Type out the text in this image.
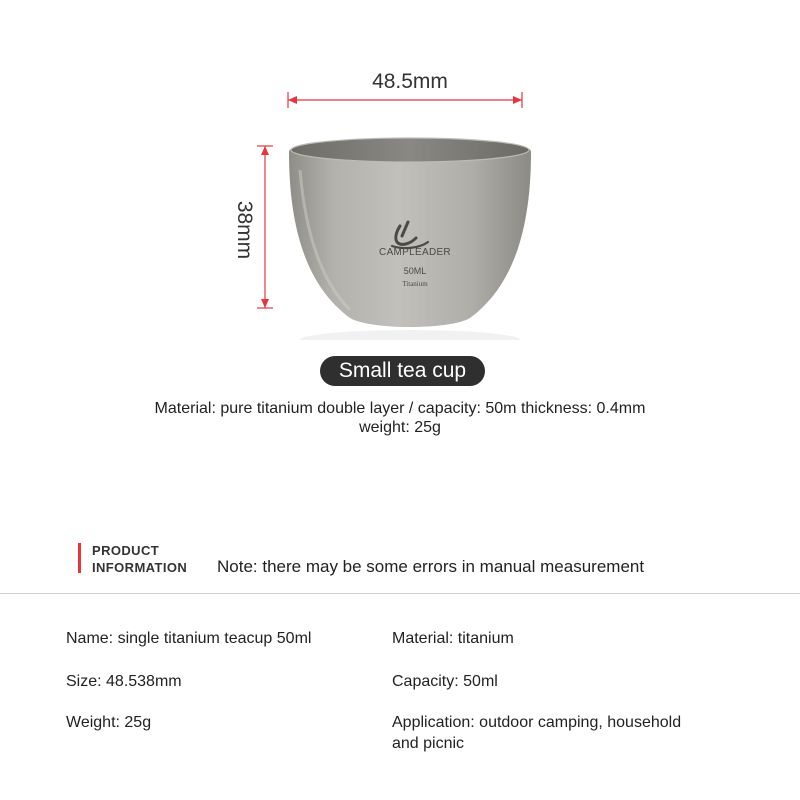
48.5mm
38mm	CAMPLEADER
50ML
Titanium
Small tea cup
Material: pure titanium double layer / capacity: 50m thickness: 0.4mm
weight: 25g
PRODUCT
INFORMATION Note: there may be some errors in manual measurement
Name: single titanium teacup 50ml	Material: titanium
Size: 48.538mm	Capacity: 50ml
Weight: 25g	Application: outdoor camping, household
and picnic
